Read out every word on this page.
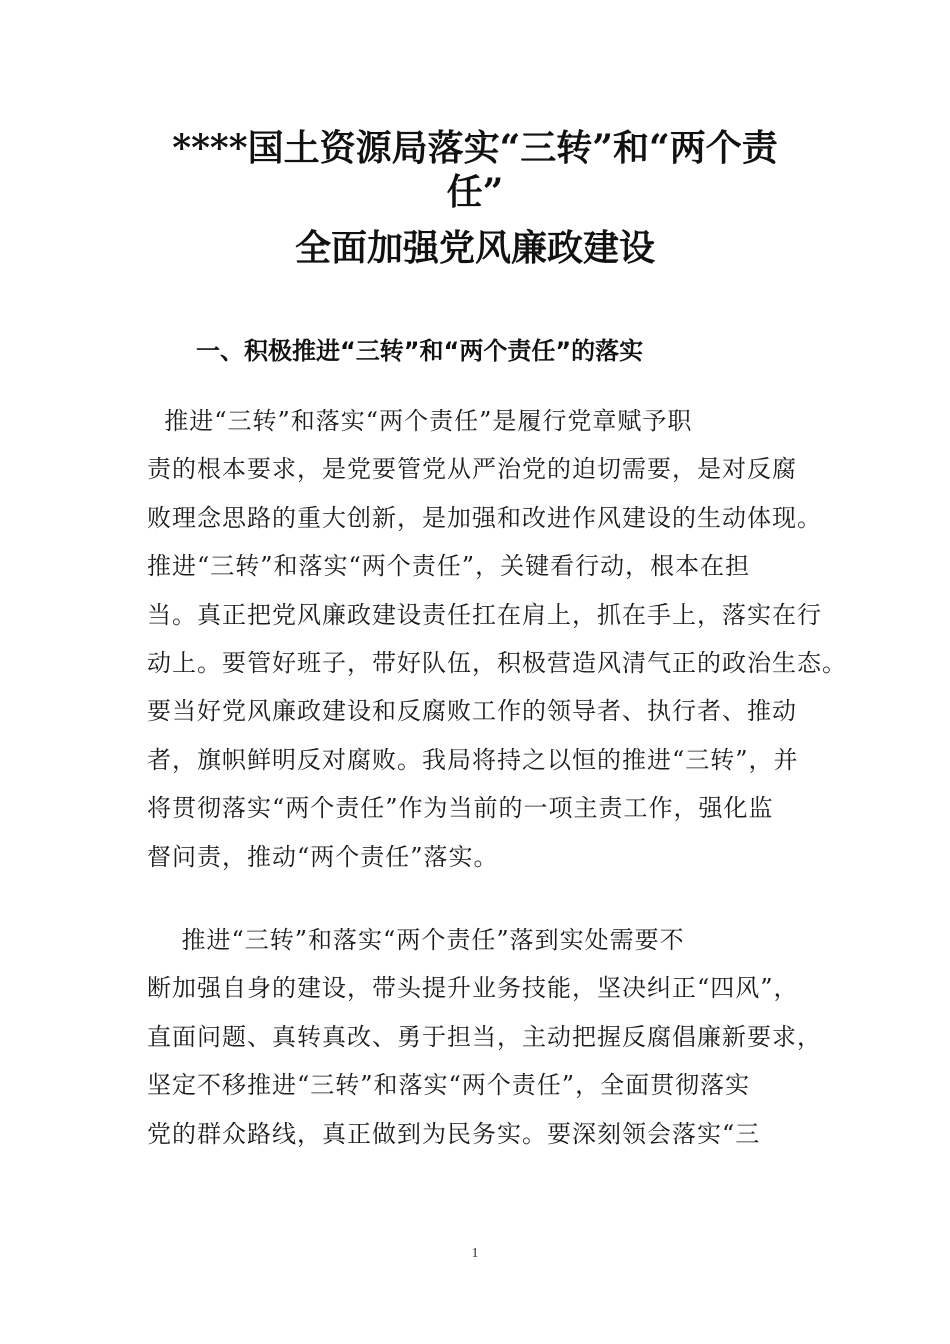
****国土资源局落实“三转”和“两个责
任”
全面加强党风廉政建设
一、积极推进“三转”和“两个责任”的落实
推进“三转”和落实“两个责任”是履行党章赋予职
责的根本要求，是党要管党从严治党的迫切需要，是对反腐
败理念思路的重大创新，是加强和改进作风建设的生动体现。
推进“三转”和落实“两个责任”，关键看行动，根本在担
当。真正把党风廉政建设责任扛在肩上，抓在手上，落实在行
动上。要管好班子，带好队伍，积极营造风清气正的政治生态。
要当好党风廉政建设和反腐败工作的领导者、执行者、推动
者，旗帜鲜明反对腐败。我局将持之以恒的推进“三转”，并
将贯彻落实“两个责任”作为当前的一项主责工作，强化监
督问责，推动“两个责任”落实。
推进“三转”和落实“两个责任”落到实处需要不
断加强自身的建设，带头提升业务技能，坚决纠正“四风”，
直面问题、真转真改、勇于担当，主动把握反腐倡廉新要求，
坚定不移推进“三转”和落实“两个责任”，全面贯彻落实
党的群众路线，真正做到为民务实。要深刻领会落实“三
1
